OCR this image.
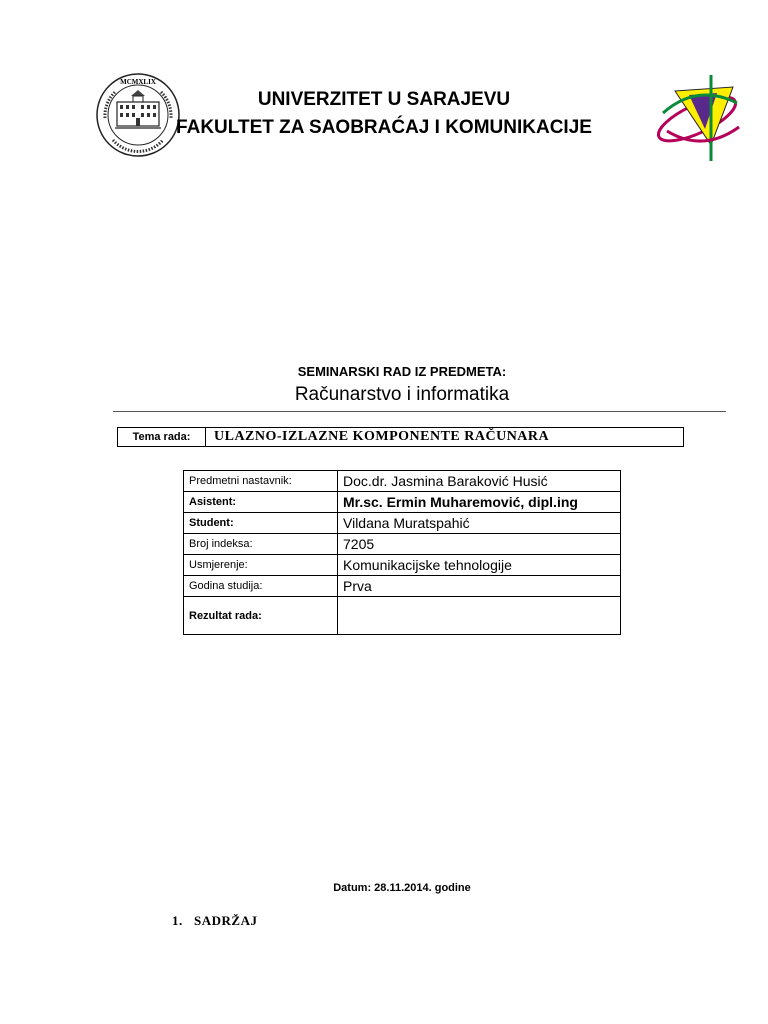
MCMXLIX
UNIVERZITET U SARAJEVU
FAKULTET ZA SAOBRAĆAJ I KOMUNIKACIJE
SEMINARSKI RAD IZ PREDMETA:
Računarstvo i informatika
Tema rada:	ULAZNO-IZLAZNE KOMPONENTE RAČUNARA
Predmetni nastavnik:	Doc.dr. Jasmina Baraković Husić
Asistent:	Mr.sc. Ermin Muharemović, dipl.ing
Student:	Vildana Muratspahić
Broj indeksa:	7205
Usmjerenje:	Komunikacijske tehnologije
Godina studija:	Prva
Rezultat rada:	
Datum: 28.11.2014. godine
1. SADRŽAJ
